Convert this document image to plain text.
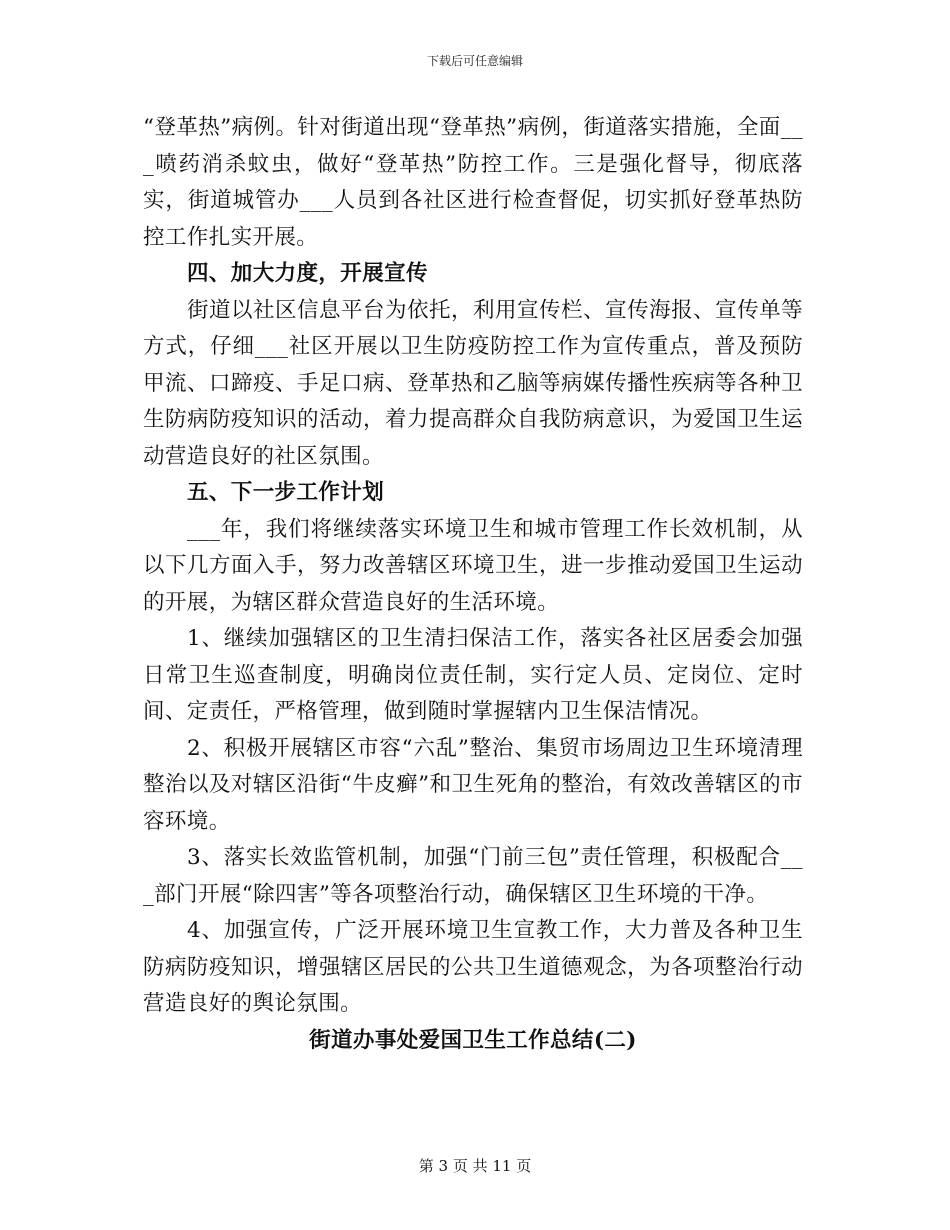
下载后可任意编辑

“登革热”病例。针对街道出现“登革热”病例，街道落实措施，全面___喷药消杀蚊虫，做好“登革热”防控工作。三是强化督导，彻底落实，街道城管办___人员到各社区进行检查督促，切实抓好登革热防控工作扎实开展。

四、加大力度，开展宣传

街道以社区信息平台为依托，利用宣传栏、宣传海报、宣传单等方式，仔细___社区开展以卫生防疫防控工作为宣传重点，普及预防甲流、口蹄疫、手足口病、登革热和乙脑等病媒传播性疾病等各种卫生防病防疫知识的活动，着力提高群众自我防病意识，为爱国卫生运动营造良好的社区氛围。

五、下一步工作计划

___年，我们将继续落实环境卫生和城市管理工作长效机制，从以下几方面入手，努力改善辖区环境卫生，进一步推动爱国卫生运动的开展，为辖区群众营造良好的生活环境。

1、继续加强辖区的卫生清扫保洁工作，落实各社区居委会加强日常卫生巡查制度，明确岗位责任制，实行定人员、定岗位、定时间、定责任，严格管理，做到随时掌握辖内卫生保洁情况。

2、积极开展辖区市容“六乱”整治、集贸市场周边卫生环境清理整治以及对辖区沿街“牛皮癣”和卫生死角的整治，有效改善辖区的市容环境。

3、落实长效监管机制，加强“门前三包”责任管理，积极配合___部门开展“除四害”等各项整治行动，确保辖区卫生环境的干净。

4、加强宣传，广泛开展环境卫生宣教工作，大力普及各种卫生防病防疫知识，增强辖区居民的公共卫生道德观念，为各项整治行动营造良好的舆论氛围。

街道办事处爱国卫生工作总结(二)

第 3 页 共 11 页
